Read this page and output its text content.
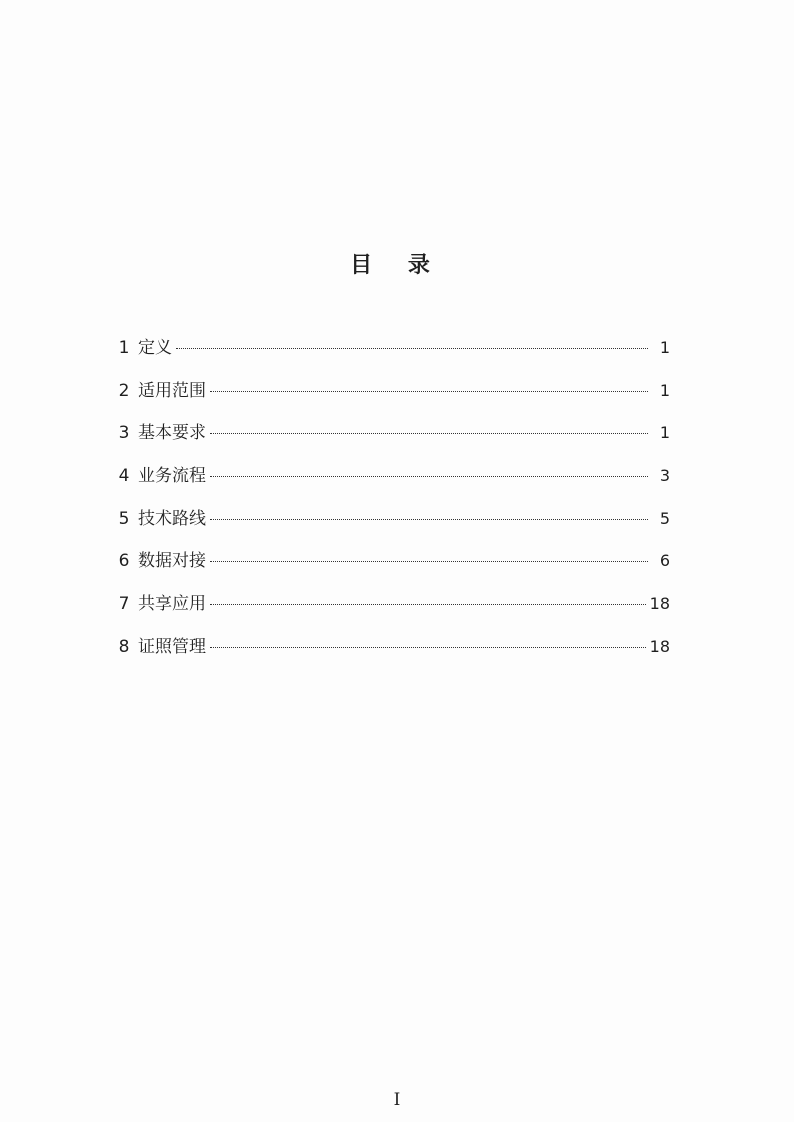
目 录
1 定义	1
2 适用范围	1
3 基本要求	1
4 业务流程	3
5 技术路线	5
6 数据对接	6
7 共享应用	18
8 证照管理	18
I
